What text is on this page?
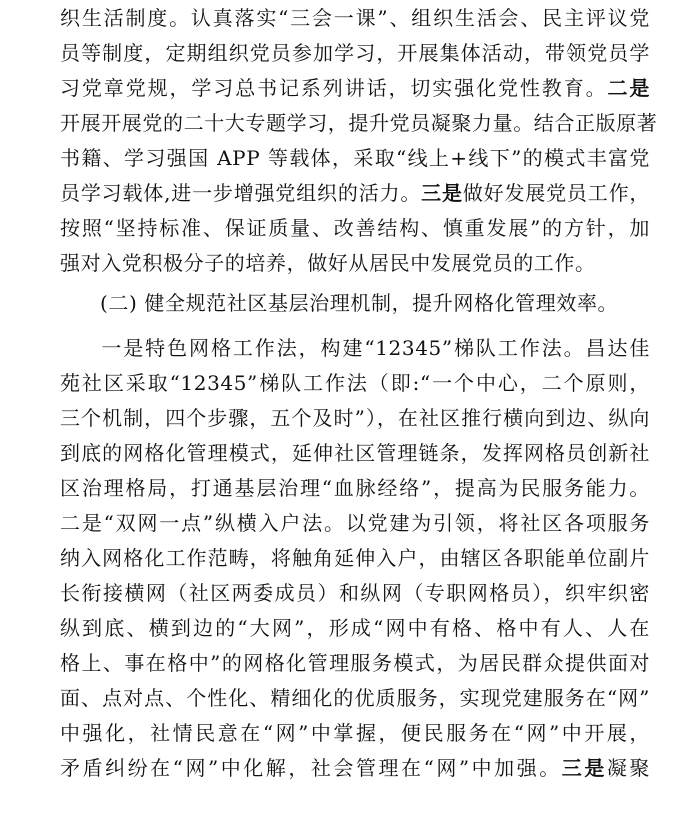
织生活制度。认真落实“三会一课”、组织生活会、民主评议党
员等制度，定期组织党员参加学习，开展集体活动，带领党员学
习党章党规，学习总书记系列讲话，切实强化党性教育。二是
开展开展党的二十大专题学习，提升党员凝聚力量。结合正版原著
书籍、学习强国 APP 等载体，采取“线上+线下”的模式丰富党
员学习载体,进一步增强党组织的活力。三是做好发展党员工作，
按照“坚持标准、保证质量、改善结构、慎重发展”的方针，加
强对入党积极分子的培养，做好从居民中发展党员的工作。
(二) 健全规范社区基层治理机制，提升网格化管理效率。
一是特色网格工作法，构建“12345”梯队工作法。昌达佳
苑社区采取“12345”梯队工作法（即:“一个中心，二个原则，
三个机制，四个步骤，五个及时”），在社区推行横向到边、纵向
到底的网格化管理模式，延伸社区管理链条，发挥网格员创新社
区治理格局，打通基层治理“血脉经络”，提高为民服务能力。
二是“双网一点”纵横入户法。以党建为引领，将社区各项服务
纳入网格化工作范畴，将触角延伸入户，由辖区各职能单位副片
长衔接横网（社区两委成员）和纵网（专职网格员），织牢织密
纵到底、横到边的“大网”，形成“网中有格、格中有人、人在
格上、事在格中”的网格化管理服务模式，为居民群众提供面对
面、点对点、个性化、精细化的优质服务，实现党建服务在“网”
中强化，社情民意在“网”中掌握，便民服务在“网”中开展，
矛盾纠纷在“网”中化解，社会管理在“网”中加强。三是凝聚
